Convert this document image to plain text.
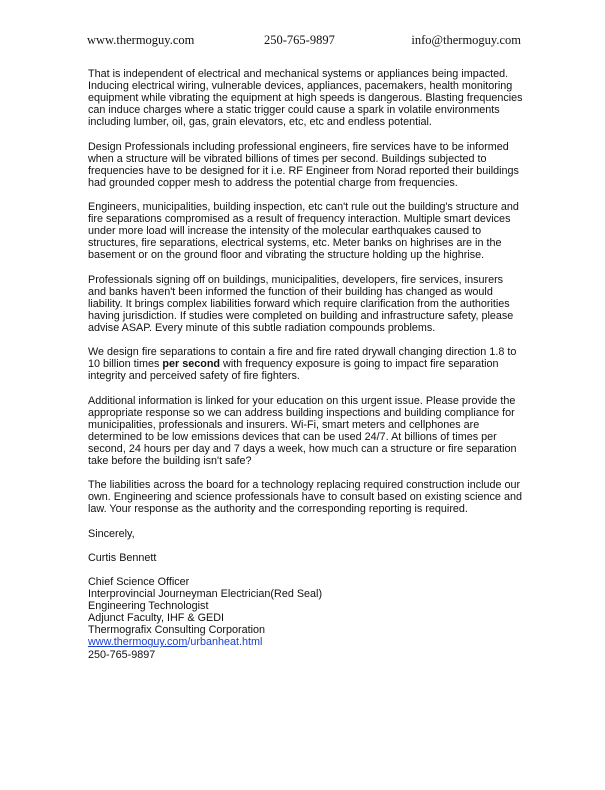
www.thermoguy.com	250-765-9897	info@thermoguy.com

That is independent of electrical and mechanical systems or appliances being impacted. Inducing electrical wiring, vulnerable devices, appliances, pacemakers, health monitoring equipment while vibrating the equipment at high speeds is dangerous. Blasting frequencies can induce charges where a static trigger could cause a spark in volatile environments including lumber, oil, gas, grain elevators, etc, etc and endless potential.

Design Professionals including professional engineers, fire services have to be informed when a structure will be vibrated billions of times per second. Buildings subjected to frequencies have to be designed for it i.e. RF Engineer from Norad reported their buildings had grounded copper mesh to address the potential charge from frequencies.

Engineers, municipalities, building inspection, etc can't rule out the building's structure and fire separations compromised as a result of frequency interaction. Multiple smart devices under more load will increase the intensity of the molecular earthquakes caused to structures, fire separations, electrical systems, etc. Meter banks on highrises are in the basement or on the ground floor and vibrating the structure holding up the highrise.

Professionals signing off on buildings, municipalities, developers, fire services, insurers and banks haven't been informed the function of their building has changed as would liability. It brings complex liabilities forward which require clarification from the authorities having jurisdiction. If studies were completed on building and infrastructure safety, please advise ASAP. Every minute of this subtle radiation compounds problems.

We design fire separations to contain a fire and fire rated drywall changing direction 1.8 to 10 billion times per second with frequency exposure is going to impact fire separation integrity and perceived safety of fire fighters.

Additional information is linked for your education on this urgent issue. Please provide the appropriate response so we can address building inspections and building compliance for municipalities, professionals and insurers. Wi-Fi, smart meters and cellphones are determined to be low emissions devices that can be used 24/7. At billions of times per second, 24 hours per day and 7 days a week, how much can a structure or fire separation take before the building isn't safe?

The liabilities across the board for a technology replacing required construction include our own. Engineering and science professionals have to consult based on existing science and law. Your response as the authority and the corresponding reporting is required.

Sincerely,

Curtis Bennett

Chief Science Officer
Interprovincial Journeyman Electrician(Red Seal)
Engineering Technologist
Adjunct Faculty, IHF & GEDI
Thermografix Consulting Corporation
www.thermoguy.com/urbanheat.html
250-765-9897
